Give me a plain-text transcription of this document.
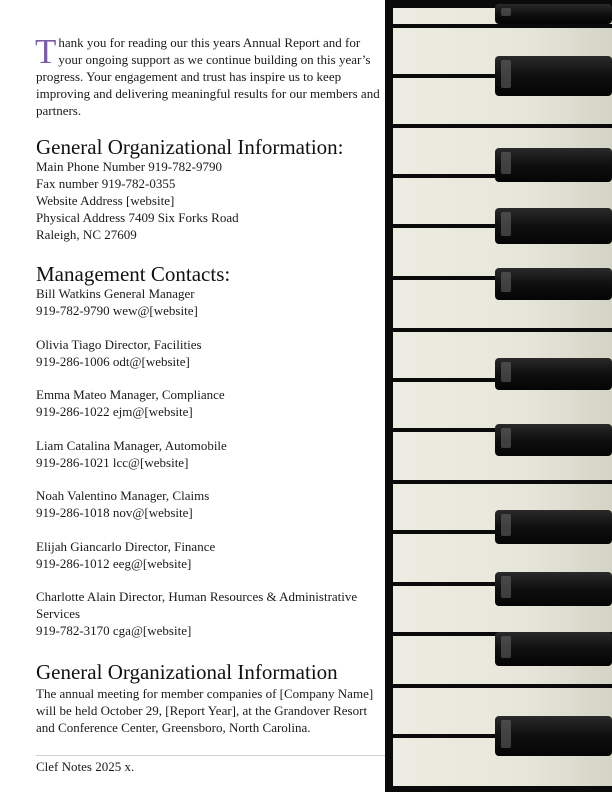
Thank you for reading our this years Annual Report and for your ongoing support as we continue building on this year’s progress. Your engagement and trust has inspire us to keep improving and delivering meaningful results for our members and partners.

General Organizational Information:

Main Phone Number 919-782-9790

Fax number 919-782-0355

Website Address [website]

Physical Address 7409 Six Forks Road

Raleigh, NC 27609

Management Contacts:

Bill Watkins General Manager

919-782-9790 wew@[website]

Olivia Tiago Director, Facilities

919-286-1006 odt@[website]

Emma Mateo Manager, Compliance

919-286-1022 ejm@[website]

Liam Catalina Manager, Automobile

919-286-1021 lcc@[website]

Noah Valentino Manager, Claims

919-286-1018 nov@[website]

Elijah Giancarlo Director, Finance

919-286-1012 eeg@[website]

Charlotte Alain Director, Human Resources & Administrative Services

919-782-3170 cga@[website]

General Organizational Information

The annual meeting for member companies of [Company Name] will be held October 29, [Report Year], at the Grandover Resort and Conference Center, Greensboro, North Carolina.

Clef Notes 2025 x.
